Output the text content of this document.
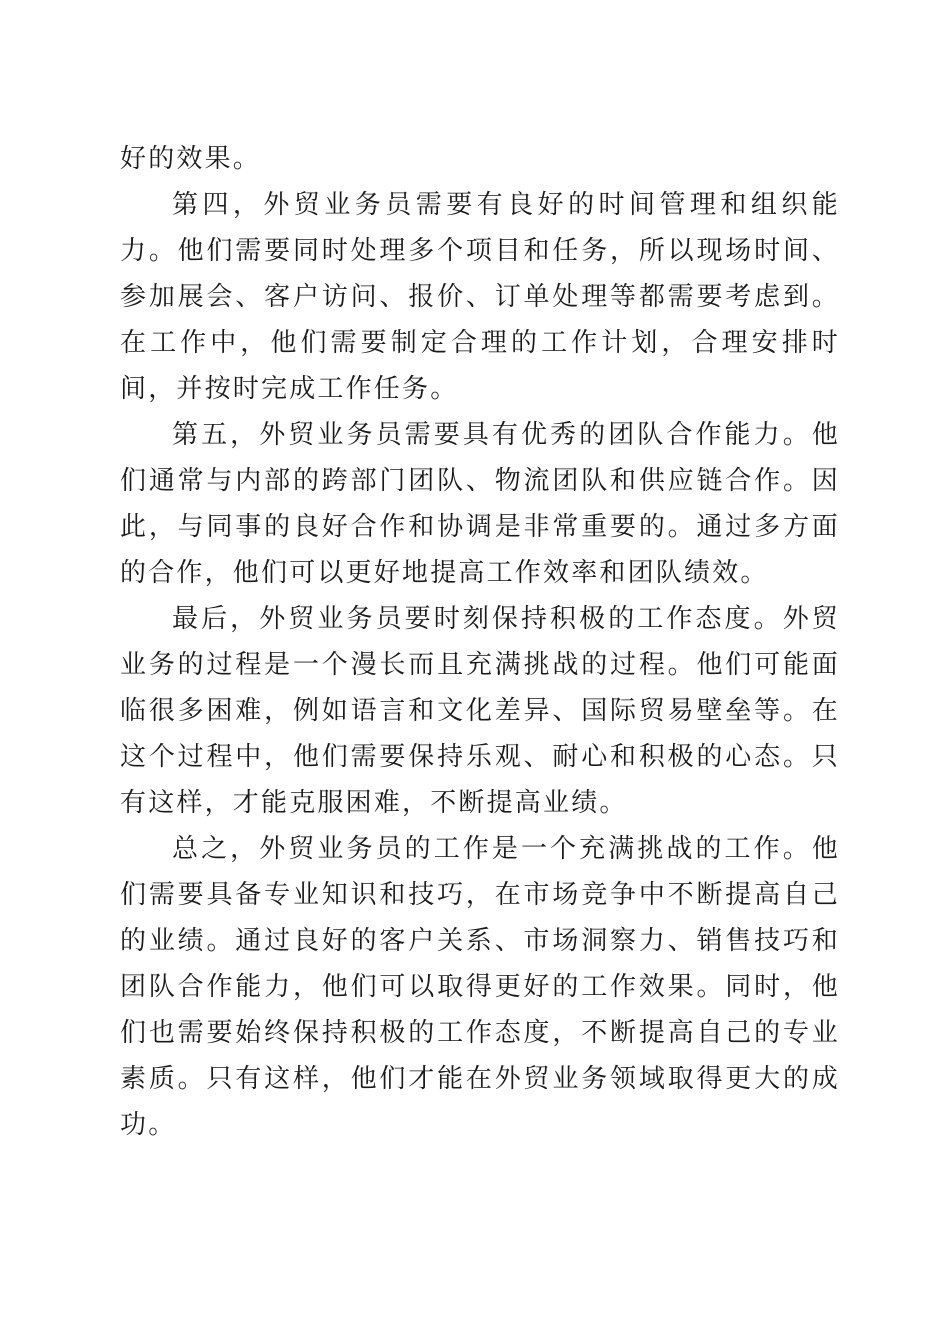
好的效果。

第四，外贸业务员需要有良好的时间管理和组织能力。他们需要同时处理多个项目和任务，所以现场时间、参加展会、客户访问、报价、订单处理等都需要考虑到。在工作中，他们需要制定合理的工作计划，合理安排时间，并按时完成工作任务。

第五，外贸业务员需要具有优秀的团队合作能力。他们通常与内部的跨部门团队、物流团队和供应链合作。因此，与同事的良好合作和协调是非常重要的。通过多方面的合作，他们可以更好地提高工作效率和团队绩效。

最后，外贸业务员要时刻保持积极的工作态度。外贸业务的过程是一个漫长而且充满挑战的过程。他们可能面临很多困难，例如语言和文化差异、国际贸易壁垒等。在这个过程中，他们需要保持乐观、耐心和积极的心态。只有这样，才能克服困难，不断提高业绩。

总之，外贸业务员的工作是一个充满挑战的工作。他们需要具备专业知识和技巧，在市场竞争中不断提高自己的业绩。通过良好的客户关系、市场洞察力、销售技巧和团队合作能力，他们可以取得更好的工作效果。同时，他们也需要始终保持积极的工作态度，不断提高自己的专业素质。只有这样，他们才能在外贸业务领域取得更大的成功。
